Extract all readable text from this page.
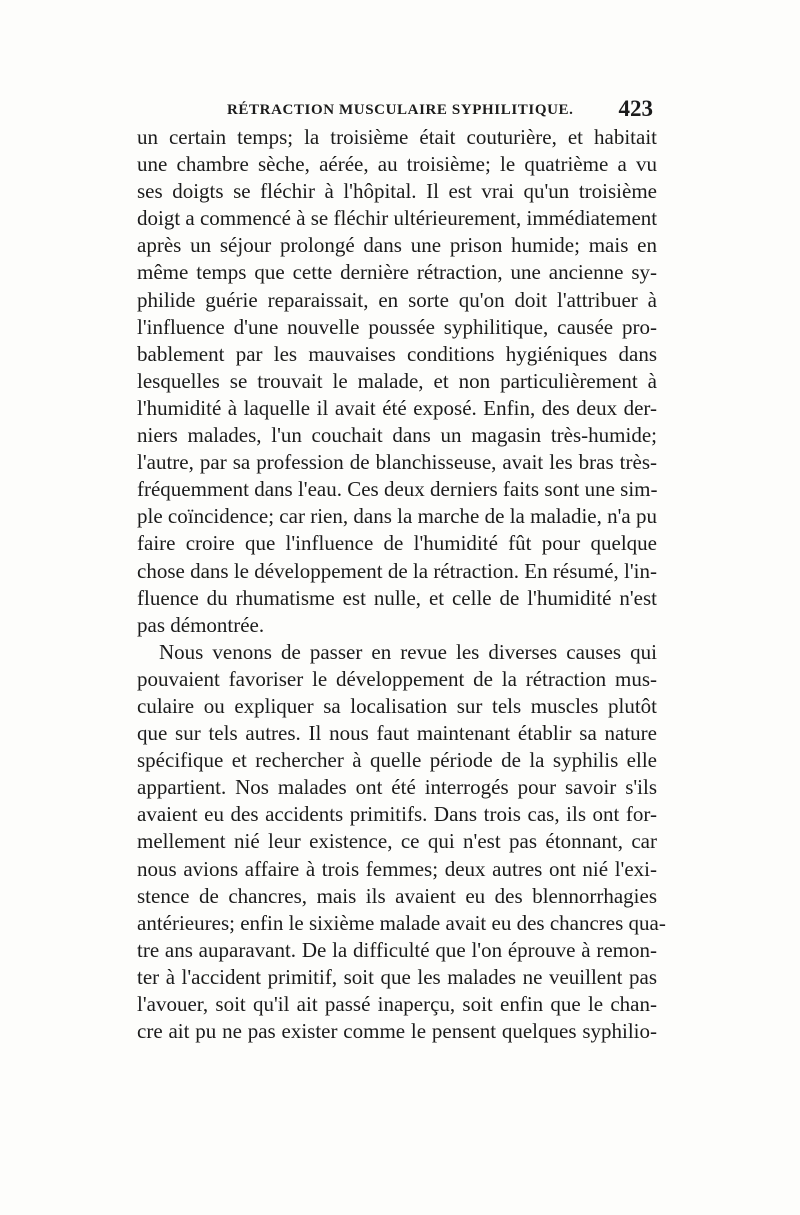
RÉTRACTION MUSCULAIRE SYPHILITIQUE. 423
un certain temps; la troisième était couturière, et habitait
une chambre sèche, aérée, au troisième; le quatrième a vu
ses doigts se fléchir à l'hôpital. Il est vrai qu'un troisième
doigt a commencé à se fléchir ultérieurement, immédiatement
après un séjour prolongé dans une prison humide; mais en
même temps que cette dernière rétraction, une ancienne sy-
philide guérie reparaissait, en sorte qu'on doit l'attribuer à
l'influence d'une nouvelle poussée syphilitique, causée pro-
bablement par les mauvaises conditions hygiéniques dans
lesquelles se trouvait le malade, et non particulièrement à
l'humidité à laquelle il avait été exposé. Enfin, des deux der-
niers malades, l'un couchait dans un magasin très-humide;
l'autre, par sa profession de blanchisseuse, avait les bras très-
fréquemment dans l'eau. Ces deux derniers faits sont une sim-
ple coïncidence; car rien, dans la marche de la maladie, n'a pu
faire croire que l'influence de l'humidité fût pour quelque
chose dans le développement de la rétraction. En résumé, l'in-
fluence du rhumatisme est nulle, et celle de l'humidité n'est
pas démontrée.
Nous venons de passer en revue les diverses causes qui
pouvaient favoriser le développement de la rétraction mus-
culaire ou expliquer sa localisation sur tels muscles plutôt
que sur tels autres. Il nous faut maintenant établir sa nature
spécifique et rechercher à quelle période de la syphilis elle
appartient. Nos malades ont été interrogés pour savoir s'ils
avaient eu des accidents primitifs. Dans trois cas, ils ont for-
mellement nié leur existence, ce qui n'est pas étonnant, car
nous avions affaire à trois femmes; deux autres ont nié l'exi-
stence de chancres, mais ils avaient eu des blennorrhagies
antérieures; enfin le sixième malade avait eu des chancres qua-
tre ans auparavant. De la difficulté que l'on éprouve à remon-
ter à l'accident primitif, soit que les malades ne veuillent pas
l'avouer, soit qu'il ait passé inaperçu, soit enfin que le chan-
cre ait pu ne pas exister comme le pensent quelques syphilio-
